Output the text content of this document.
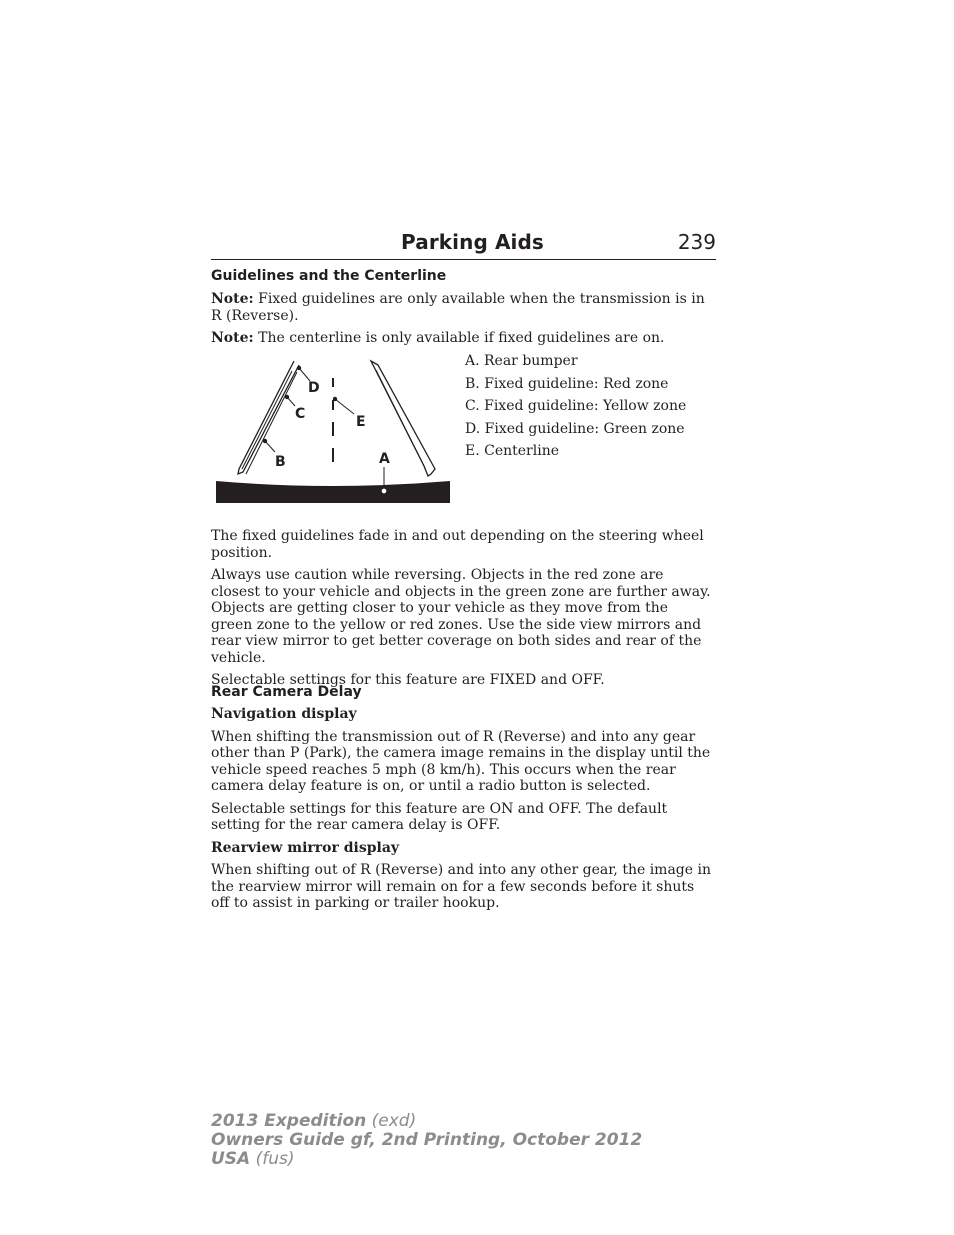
Parking Aids	239
Guidelines and the Centerline

Note: Fixed guidelines are only available when the transmission is in R (Reverse).

Note: The centerline is only available if fixed guidelines are on.

D
C
B
E
A
A. Rear bumper
B. Fixed guideline: Red zone
C. Fixed guideline: Yellow zone
D. Fixed guideline: Green zone
E. Centerline

The fixed guidelines fade in and out depending on the steering wheel position.

Always use caution while reversing. Objects in the red zone are closest to your vehicle and objects in the green zone are further away. Objects are getting closer to your vehicle as they move from the green zone to the yellow or red zones. Use the side view mirrors and rear view mirror to get better coverage on both sides and rear of the vehicle.

Selectable settings for this feature are FIXED and OFF.

Rear Camera Delay

Navigation display

When shifting the transmission out of R (Reverse) and into any gear other than P (Park), the camera image remains in the display until the vehicle speed reaches 5 mph (8 km/h). This occurs when the rear camera delay feature is on, or until a radio button is selected.

Selectable settings for this feature are ON and OFF. The default setting for the rear camera delay is OFF.

Rearview mirror display

When shifting out of R (Reverse) and into any other gear, the image in the rearview mirror will remain on for a few seconds before it shuts off to assist in parking or trailer hookup.

2013 Expedition (exd)
Owners Guide gf, 2nd Printing, October 2012
USA (fus)
